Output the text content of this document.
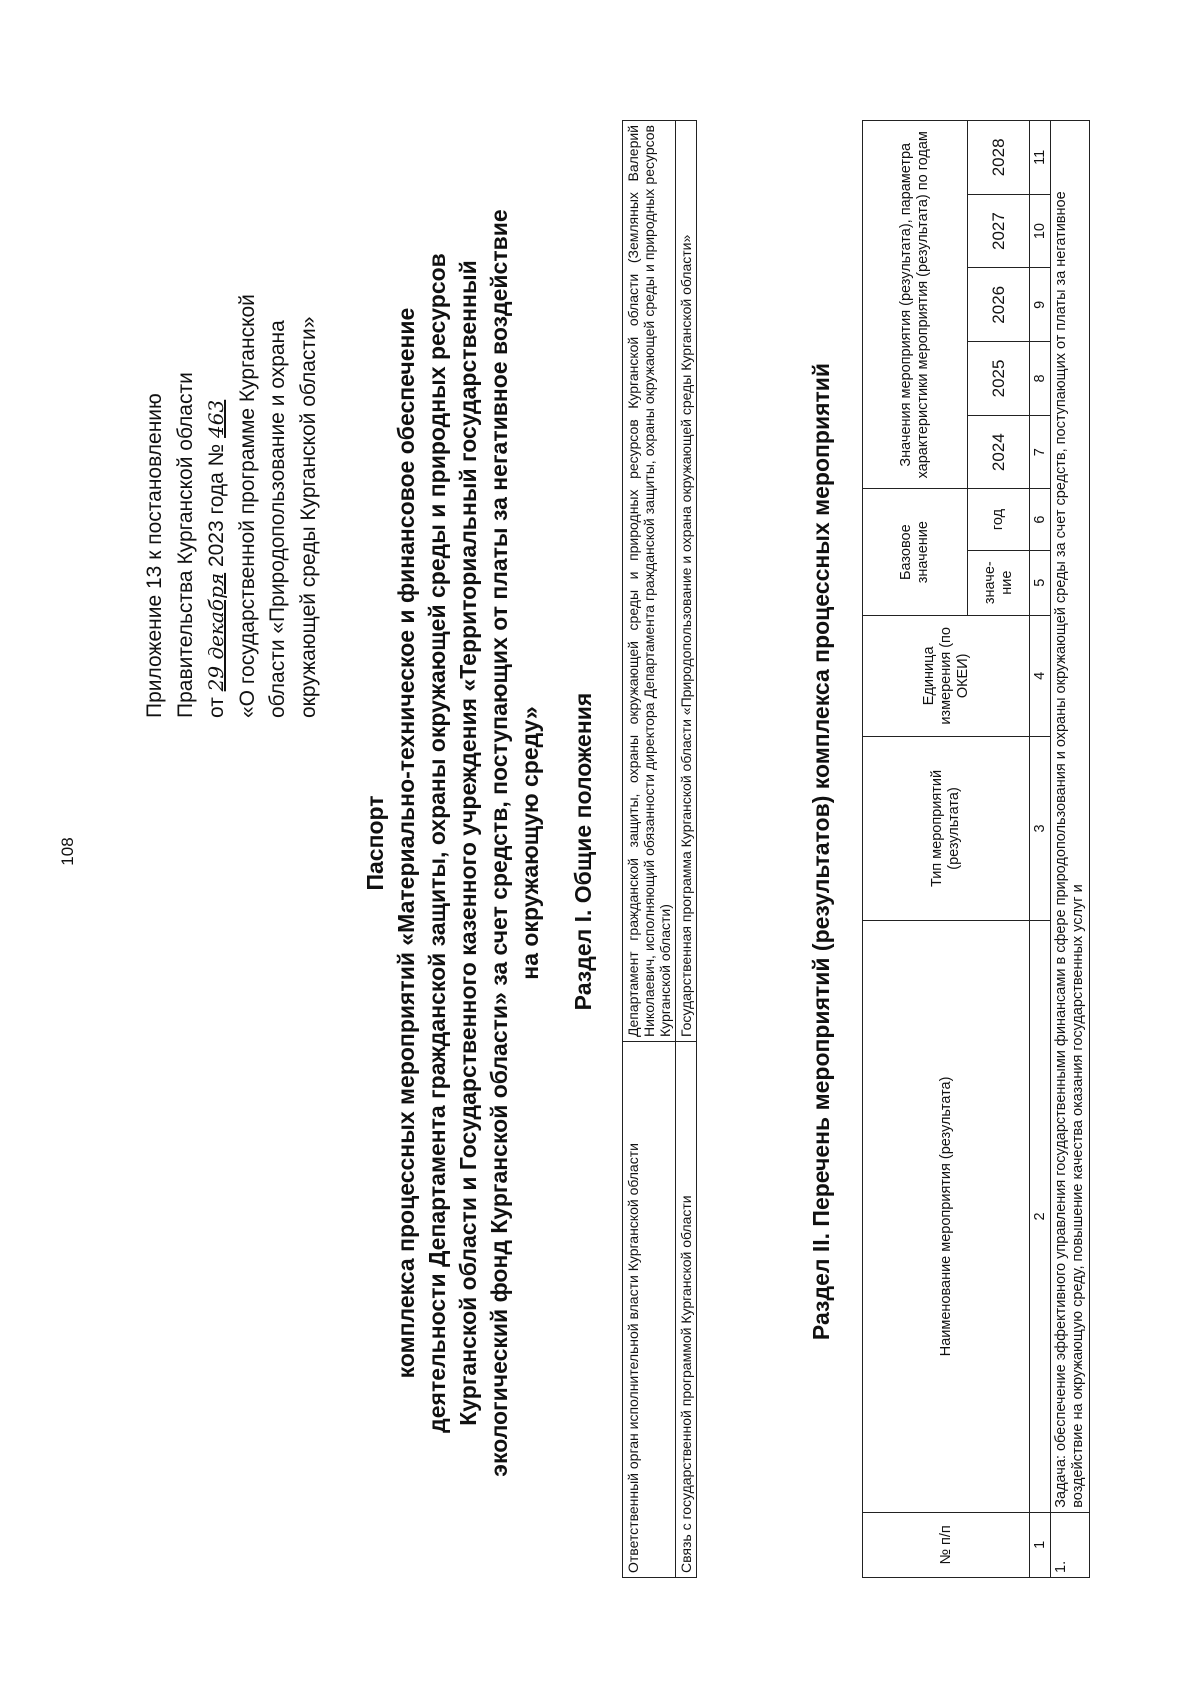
108
Приложение 13 к постановлению Правительства Курганской области от 29 декабря 2023 года № 463 «О государственной программе Курганской области «Природопользование и охрана окружающей среды Курганской области»
Паспорт комплекса процессных мероприятий «Материально-техническое и финансовое обеспечение деятельности Департамента гражданской защиты, охраны окружающей среды и природных ресурсов Курганской области и Государственного казенного учреждения «Территориальный государственный экологический фонд Курганской области» за счет средств, поступающих от платы за негативное воздействие на окружающую среду» Раздел I. Общие положения
Ответственный орган исполнительной власти Курганской области	Департамент гражданской защиты, охраны окружающей среды и природных ресурсов Курганской области (Земляных Валерий Николаевич, исполняющий обязанности директора Департамента гражданской защиты, охраны окружающей среды и природных ресурсов Курганской области)
Связь с государственной программой Курганской области	Государственная программа Курганской области «Природопользование и охрана окружающей среды Курганской области»	Раздел II. Перечень мероприятий (результатов) комплекса процессных мероприятий
№ п/п	Наименование мероприятия (результата)	Тип мероприятий (результата)	Единица измерения (по ОКЕИ)	Базовое значение		Значения мероприятия (результата), параметра характеристики мероприятия (результата) по годам				
				значе-ние	год	2024	2025	2026	2027	2028
1	2	3	4	5	6	7	8	9	10	11
1.	Задача: обеспечение эффективного управления государственными финансами в сфере природопользования и охраны окружающей среды за счет средств, поступающих от платы за негативное воздействие на окружающую среду, повышение качества оказания государственных услуг и									
